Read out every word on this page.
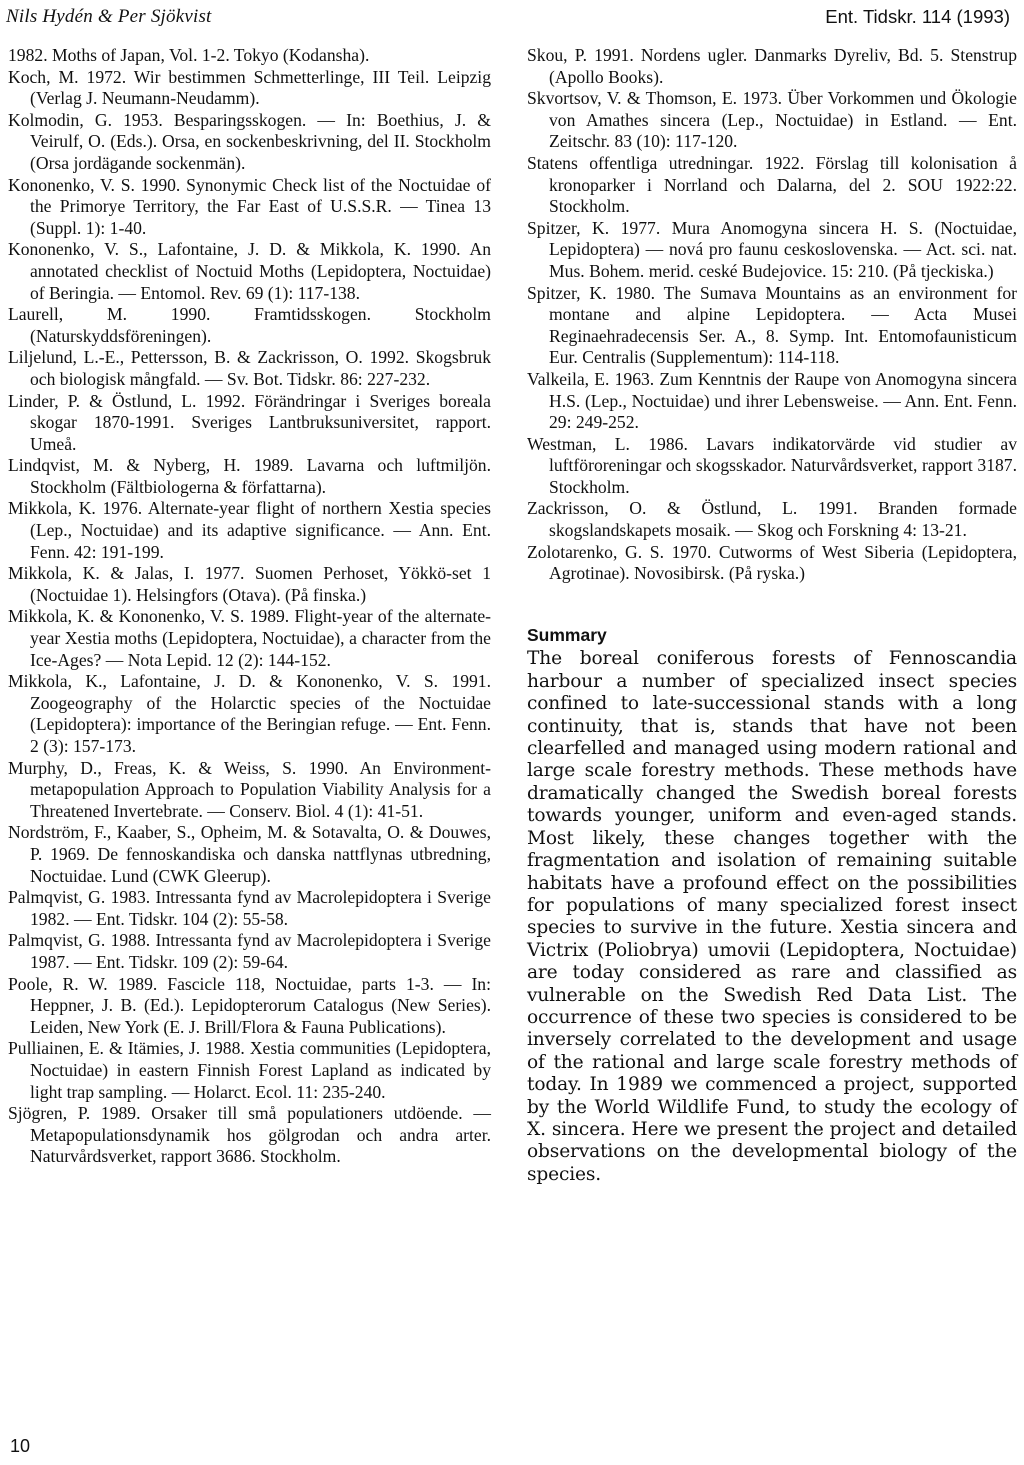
Nils Hydén & Per Sjökvist	Ent. Tidskr. 114 (1993)

1982. Moths of Japan, Vol. 1-2. Tokyo (Kodansha).

Koch, M. 1972. Wir bestimmen Schmetterlinge, III Teil. Leipzig (Verlag J. Neumann-Neudamm).

Kolmodin, G. 1953. Besparingsskogen. — In: Boethius, J. & Veirulf, O. (Eds.). Orsa, en sockenbeskrivning, del II. Stockholm (Orsa jordägande sockenmän).

Kononenko, V. S. 1990. Synonymic Check list of the Noctuidae of the Primorye Territory, the Far East of U.S.S.R. — Tinea 13 (Suppl. 1): 1-40.

Kononenko, V. S., Lafontaine, J. D. & Mikkola, K. 1990. An annotated checklist of Noctuid Moths (Lepidoptera, Noctuidae) of Beringia. — Entomol. Rev. 69 (1): 117-138.

Laurell, M. 1990. Framtidsskogen. Stockholm (Naturskyddsföreningen).

Liljelund, L.-E., Pettersson, B. & Zackrisson, O. 1992. Skogsbruk och biologisk mångfald. — Sv. Bot. Tidskr. 86: 227-232.

Linder, P. & Östlund, L. 1992. Förändringar i Sveriges boreala skogar 1870-1991. Sveriges Lantbruksuniversitet, rapport. Umeå.

Lindqvist, M. & Nyberg, H. 1989. Lavarna och luftmiljön. Stockholm (Fältbiologerna & författarna).

Mikkola, K. 1976. Alternate-year flight of northern Xestia species (Lep., Noctuidae) and its adaptive significance. — Ann. Ent. Fenn. 42: 191-199.

Mikkola, K. & Jalas, I. 1977. Suomen Perhoset, Yökkö-set 1 (Noctuidae 1). Helsingfors (Otava). (På finska.)

Mikkola, K. & Kononenko, V. S. 1989. Flight-year of the alternate-year Xestia moths (Lepidoptera, Noctuidae), a character from the Ice-Ages? — Nota Lepid. 12 (2): 144-152.

Mikkola, K., Lafontaine, J. D. & Kononenko, V. S. 1991. Zoogeography of the Holarctic species of the Noctuidae (Lepidoptera): importance of the Beringian refuge. — Ent. Fenn. 2 (3): 157-173.

Murphy, D., Freas, K. & Weiss, S. 1990. An Environment-metapopulation Approach to Population Viability Analysis for a Threatened Invertebrate. — Conserv. Biol. 4 (1): 41-51.

Nordström, F., Kaaber, S., Opheim, M. & Sotavalta, O. & Douwes, P. 1969. De fennoskandiska och danska nattflynas utbredning, Noctuidae. Lund (CWK Gleerup).

Palmqvist, G. 1983. Intressanta fynd av Macrolepidoptera i Sverige 1982. — Ent. Tidskr. 104 (2): 55-58.

Palmqvist, G. 1988. Intressanta fynd av Macrolepidoptera i Sverige 1987. — Ent. Tidskr. 109 (2): 59-64.

Poole, R. W. 1989. Fascicle 118, Noctuidae, parts 1-3. — In: Heppner, J. B. (Ed.). Lepidopterorum Catalogus (New Series). Leiden, New York (E. J. Brill/Flora & Fauna Publications).

Pulliainen, E. & Itämies, J. 1988. Xestia communities (Lepidoptera, Noctuidae) in eastern Finnish Forest Lapland as indicated by light trap sampling. — Holarct. Ecol. 11: 235-240.

Sjögren, P. 1989. Orsaker till små populationers utdöende. — Metapopulationsdynamik hos gölgrodan och andra arter. Naturvårdsverket, rapport 3686. Stockholm.

Skou, P. 1991. Nordens ugler. Danmarks Dyreliv, Bd. 5. Stenstrup (Apollo Books).

Skvortsov, V. & Thomson, E. 1973. Über Vorkommen und Ökologie von Amathes sincera (Lep., Noctuidae) in Estland. — Ent. Zeitschr. 83 (10): 117-120.

Statens offentliga utredningar. 1922. Förslag till kolonisation å kronoparker i Norrland och Dalarna, del 2. SOU 1922:22. Stockholm.

Spitzer, K. 1977. Mura Anomogyna sincera H. S. (Noctuidae, Lepidoptera) — nová pro faunu ceskoslovenska. — Act. sci. nat. Mus. Bohem. merid. ceské Budejovice. 15: 210. (På tjeckiska.)

Spitzer, K. 1980. The Sumava Mountains as an environment for montane and alpine Lepidoptera. — Acta Musei Reginaehradecensis Ser. A., 8. Symp. Int. Entomofaunisticum Eur. Centralis (Supplementum): 114-118.

Valkeila, E. 1963. Zum Kenntnis der Raupe von Anomogyna sincera H.S. (Lep., Noctuidae) und ihrer Lebensweise. — Ann. Ent. Fenn. 29: 249-252.

Westman, L. 1986. Lavars indikatorvärde vid studier av luftföroreningar och skogsskador. Naturvårdsverket, rapport 3187. Stockholm.

Zackrisson, O. & Östlund, L. 1991. Branden formade skogslandskapets mosaik. — Skog och Forskning 4: 13-21.

Zolotarenko, G. S. 1970. Cutworms of West Siberia (Lepidoptera, Agrotinae). Novosibirsk. (På ryska.)

Summary

The boreal coniferous forests of Fennoscandia harbour a number of specialized insect species confined to late-successional stands with a long continuity, that is, stands that have not been clearfelled and managed using modern rational and large scale forestry methods. These methods have dramatically changed the Swedish boreal forests towards younger, uniform and even-aged stands. Most likely, these changes together with the fragmentation and isolation of remaining suitable habitats have a profound effect on the possibilities for populations of many specialized forest insect species to survive in the future. Xestia sincera and Victrix (Poliobrya) umovii (Lepidoptera, Noctuidae) are today considered as rare and classified as vulnerable on the Swedish Red Data List. The occurrence of these two species is considered to be inversely correlated to the development and usage of the rational and large scale forestry methods of today. In 1989 we commenced a project, supported by the World Wildlife Fund, to study the ecology of X. sincera. Here we present the project and detailed observations on the developmental biology of the species.

10
